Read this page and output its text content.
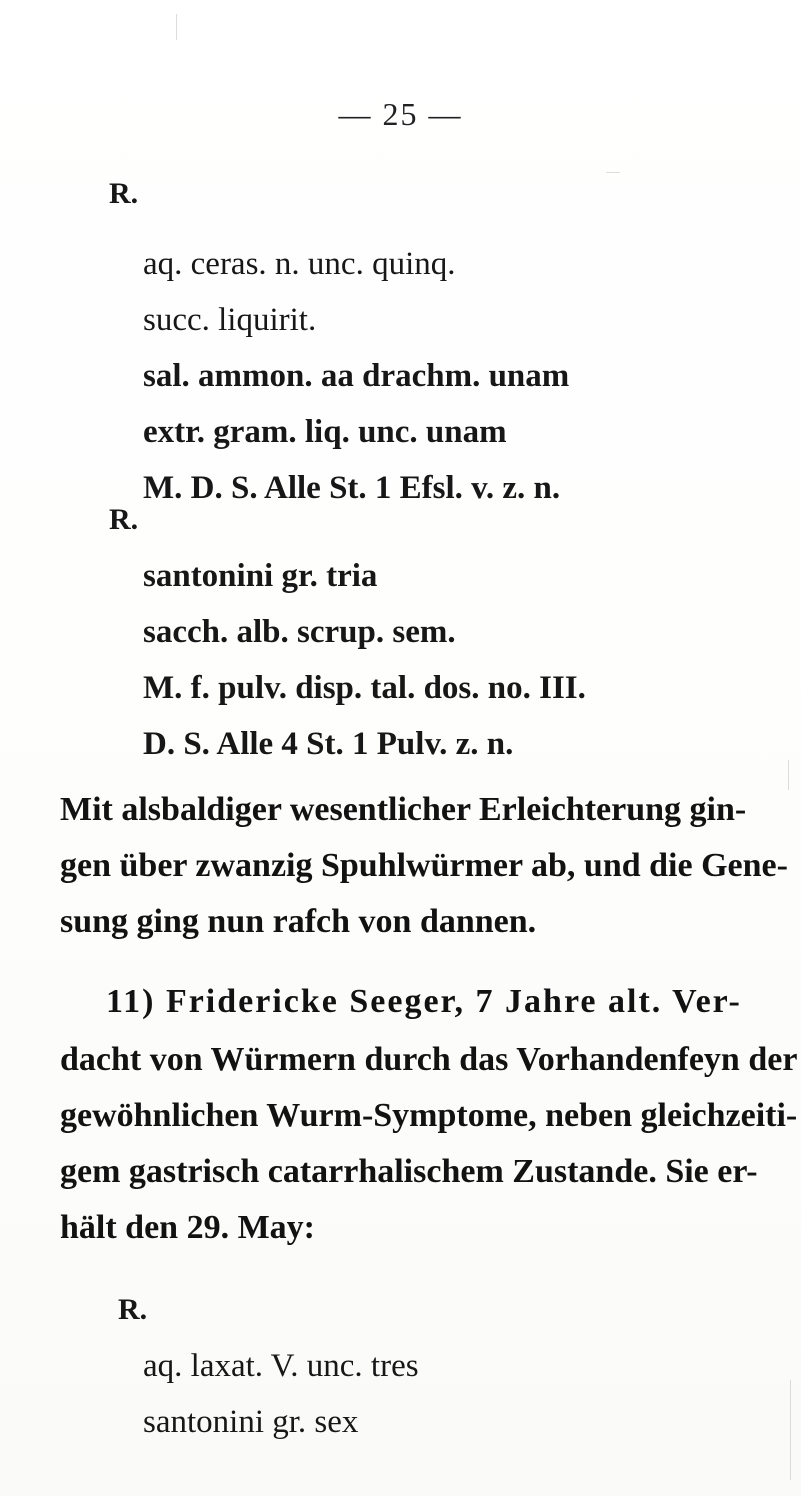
— 25 —
R.
aq. ceras. n. unc. quinq.
succ. liquirit.
sal. ammon. aa drachm. unam
extr. gram. liq. unc. unam
M. D. S. Alle St. 1 Efsl. v. z. n.
R.
santonini gr. tria
sacch. alb. scrup. sem.
M. f. pulv. disp. tal. dos. no. III.
D. S. Alle 4 St. 1 Pulv. z. n.
Mit alsbaldiger wesentlicher Erleichterung gin-
gen über zwanzig Spuhlwürmer ab, und die Gene-
sung ging nun rafch von dannen.
11) Fridericke Seeger, 7 Jahre alt. Ver-
dacht von Würmern durch das Vorhandenfeyn der
gewöhnlichen Wurm-Symptome, neben gleichzeiti-
gem gastrisch catarrhalischem Zustande. Sie er-
hält den 29. May:
R.
aq. laxat. V. unc. tres
santonini gr. sex
